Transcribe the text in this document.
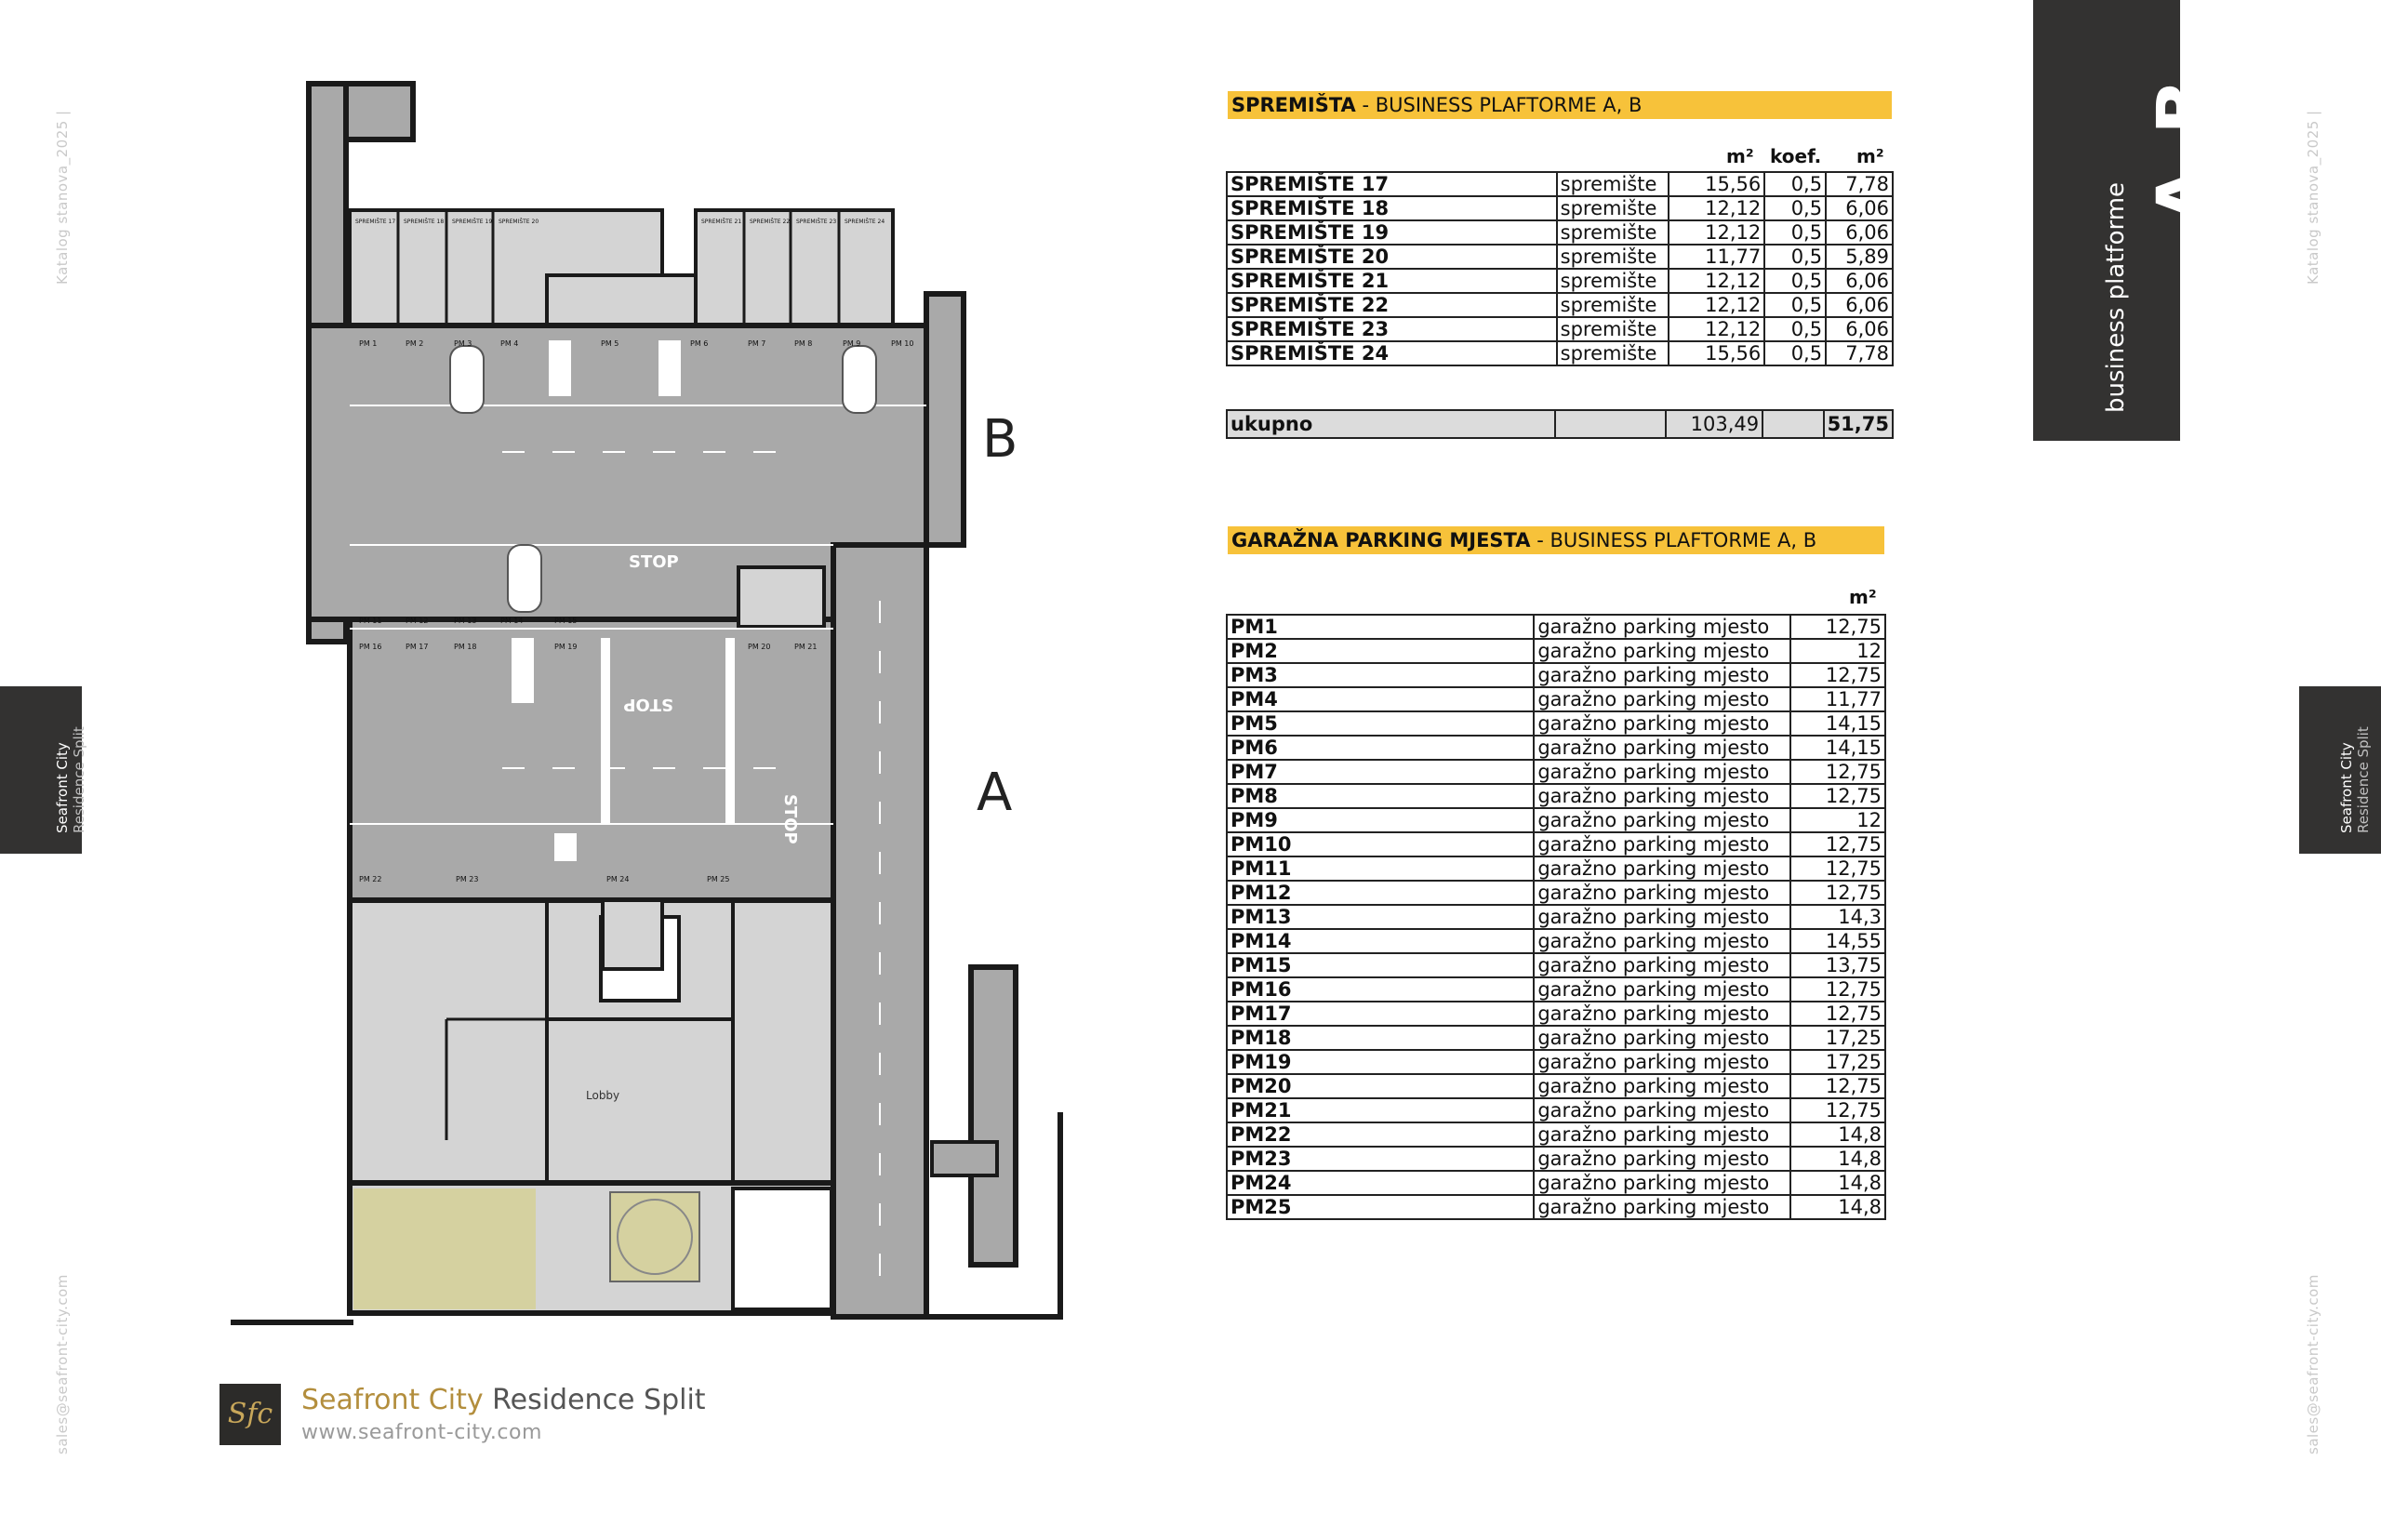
Katalog stanova_2025 |
sales@seafront-city.com
Katalog stanova_2025 |
sales@seafront-city.com
Seafront City Residence Split	Seafront City Residence Split
A,B
business platforme
STOP
STOP
STOP
Lobby
PM 1	PM 2	PM 3	PM 4	PM 5	PM 6	PM 7	PM 8	PM 9	PM 10
PM 11	PM 12	PM 13	PM 14	PM 15
PM 16	PM 17	PM 18	PM 19	PM 20	PM 21
PM 22	PM 23	PM 24	PM 25
SPREMIŠTE 17 SPREMIŠTE 18 SPREMIŠTE 19 SPREMIŠTE 20	SPREMIŠTE 21 SPREMIŠTE 22 SPREMIŠTE 23 SPREMIŠTE 24
B
A
SPREMIŠTA - BUSINESS PLAFTORME A, B
m² koef. m²
SPREMIŠTE 17	spremište	15,56	0,5	7,78
SPREMIŠTE 18	spremište	12,12	0,5	6,06
SPREMIŠTE 19	spremište	12,12	0,5	6,06
SPREMIŠTE 20	spremište	11,77	0,5	5,89
SPREMIŠTE 21	spremište	12,12	0,5	6,06
SPREMIŠTE 22	spremište	12,12	0,5	6,06
SPREMIŠTE 23	spremište	12,12	0,5	6,06
SPREMIŠTE 24	spremište	15,56	0,5	7,78
ukupno		103,49		51,75
GARAŽNA PARKING MJESTA - BUSINESS PLAFTORME A, B
m²
PM1	garažno parking mjesto	12,75
PM2	garažno parking mjesto	12
PM3	garažno parking mjesto	12,75
PM4	garažno parking mjesto	11,77
PM5	garažno parking mjesto	14,15
PM6	garažno parking mjesto	14,15
PM7	garažno parking mjesto	12,75
PM8	garažno parking mjesto	12,75
PM9	garažno parking mjesto	12
PM10	garažno parking mjesto	12,75
PM11	garažno parking mjesto	12,75
PM12	garažno parking mjesto	12,75
PM13	garažno parking mjesto	14,3
PM14	garažno parking mjesto	14,55
PM15	garažno parking mjesto	13,75
PM16	garažno parking mjesto	12,75
PM17	garažno parking mjesto	12,75
PM18	garažno parking mjesto	17,25
PM19	garažno parking mjesto	17,25
PM20	garažno parking mjesto	12,75
PM21	garažno parking mjesto	12,75
PM22	garažno parking mjesto	14,8
PM23	garažno parking mjesto	14,8
PM24	garažno parking mjesto	14,8
PM25	garažno parking mjesto	14,8
Sfc Seafront City Residence Split
www.seafront-city.com
